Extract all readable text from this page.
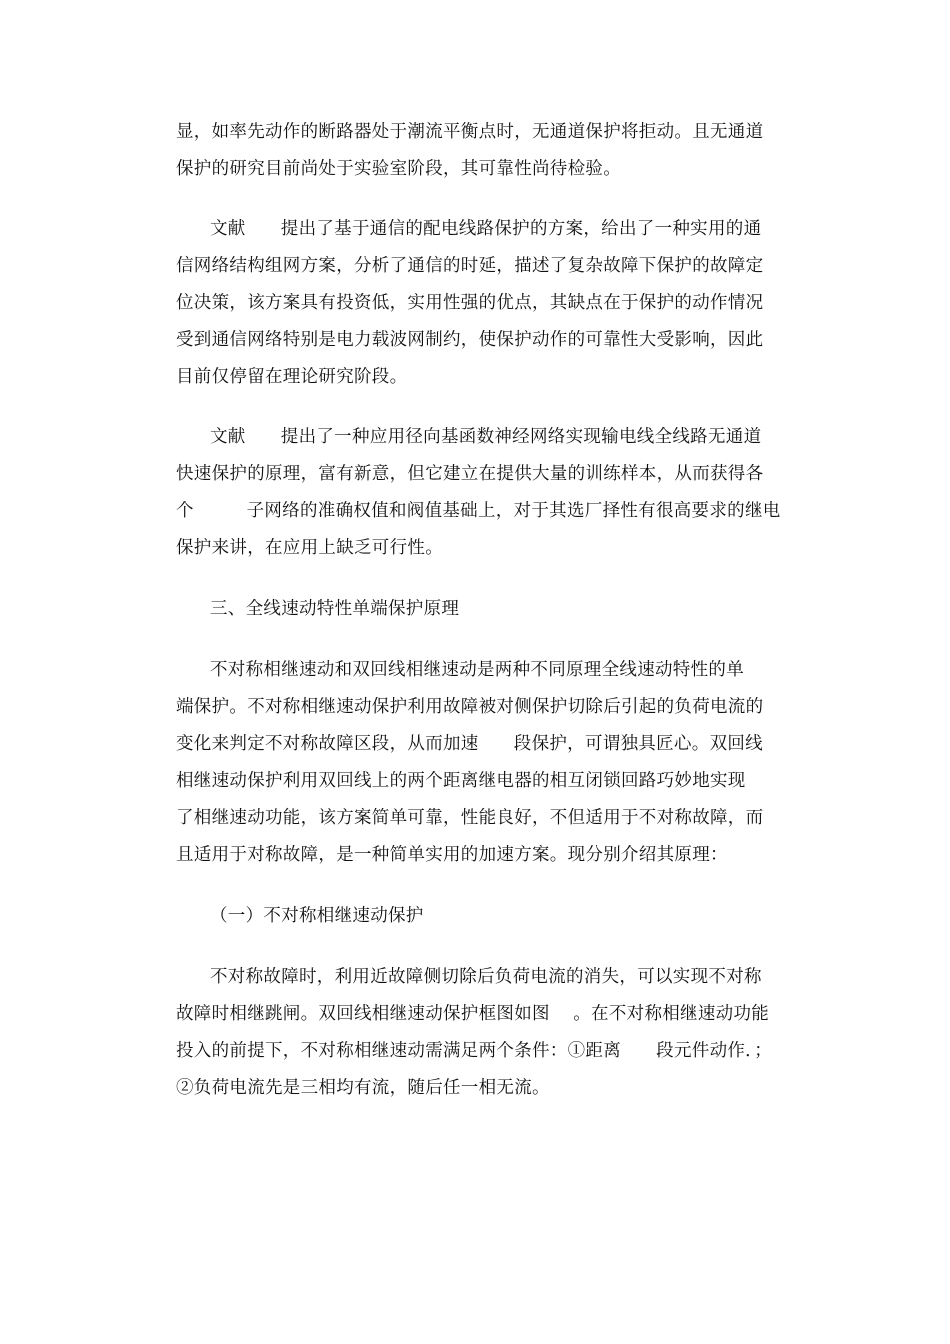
显，如率先动作的断路器处于潮流平衡点时，无通道保护将拒动。且无通道
保护的研究目前尚处于实验室阶段，其可靠性尚待检验。
文献      提出了基于通信的配电线路保护的方案，给出了一种实用的通
信网络结构组网方案，分析了通信的时延，描述了复杂故障下保护的故障定
位决策，该方案具有投资低，实用性强的优点，其缺点在于保护的动作情况
受到通信网络特别是电力载波网制约，使保护动作的可靠性大受影响，因此
目前仅停留在理论研究阶段。
文献      提出了一种应用径向基函数神经网络实现输电线全线路无通道
快速保护的原理，富有新意，但它建立在提供大量的训练样本，从而获得各
个         子网络的准确权值和阀值基础上，对于其选厂择性有很高要求的继电
保护来讲，在应用上缺乏可行性。
三、全线速动特性单端保护原理
不对称相继速动和双回线相继速动是两种不同原理全线速动特性的单
端保护。不对称相继速动保护利用故障被对侧保护切除后引起的负荷电流的
变化来判定不对称故障区段，从而加速      段保护，可谓独具匠心。双回线
相继速动保护利用双回线上的两个距离继电器的相互闭锁回路巧妙地实现
了相继速动功能，该方案简单可靠，性能良好，不但适用于不对称故障，而
且适用于对称故障，是一种简单实用的加速方案。现分别介绍其原理：
（一）不对称相继速动保护
不对称故障时，利用近故障侧切除后负荷电流的消失，可以实现不对称
故障时相继跳闸。双回线相继速动保护框图如图    。在不对称相继速动功能
投入的前提下，不对称相继速动需满足两个条件：①距离      段元件动作．；
②负荷电流先是三相均有流，随后任一相无流。
